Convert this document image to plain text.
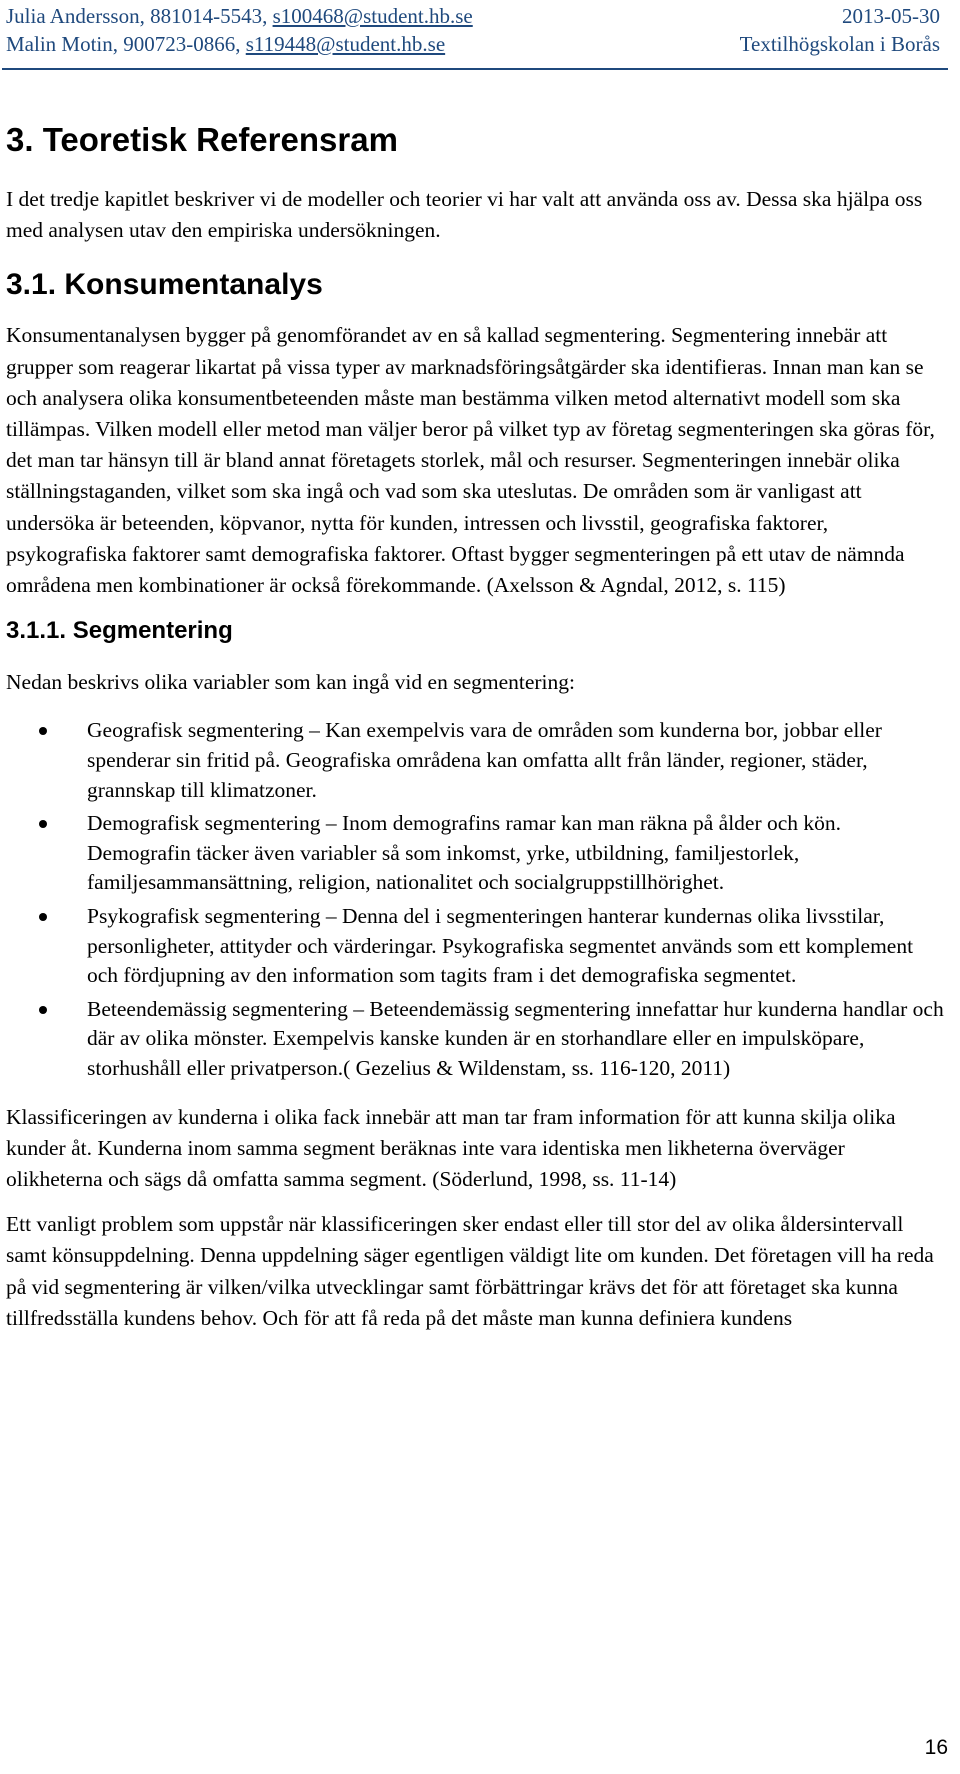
Julia Andersson, 881014-5543, s100468@student.hb.se	2013-05-30
Malin Motin, 900723-0866, s119448@student.hb.se	Textilhögskolan i Borås
3. Teoretisk Referensram

I det tredje kapitlet beskriver vi de modeller och teorier vi har valt att använda oss av. Dessa ska hjälpa oss med analysen utav den empiriska undersökningen.

3.1. Konsumentanalys

Konsumentanalysen bygger på genomförandet av en så kallad segmentering. Segmentering innebär att grupper som reagerar likartat på vissa typer av marknadsföringsåtgärder ska identifieras. Innan man kan se och analysera olika konsumentbeteenden måste man bestämma vilken metod alternativt modell som ska tillämpas. Vilken modell eller metod man väljer beror på vilket typ av företag segmenteringen ska göras för, det man tar hänsyn till är bland annat företagets storlek, mål och resurser. Segmenteringen innebär olika ställningstaganden, vilket som ska ingå och vad som ska uteslutas. De områden som är vanligast att undersöka är beteenden, köpvanor, nytta för kunden, intressen och livsstil, geografiska faktorer, psykografiska faktorer samt demografiska faktorer. Oftast bygger segmenteringen på ett utav de nämnda områdena men kombinationer är också förekommande. (Axelsson & Agndal, 2012, s. 115)

3.1.1. Segmentering

Nedan beskrivs olika variabler som kan ingå vid en segmentering:

Geografisk segmentering – Kan exempelvis vara de områden som kunderna bor, jobbar eller spenderar sin fritid på. Geografiska områdena kan omfatta allt från länder, regioner, städer, grannskap till klimatzoner.
Demografisk segmentering – Inom demografins ramar kan man räkna på ålder och kön. Demografin täcker även variabler så som inkomst, yrke, utbildning, familjestorlek, familjesammansättning, religion, nationalitet och socialgruppstillhörighet.
Psykografisk segmentering – Denna del i segmenteringen hanterar kundernas olika livsstilar, personligheter, attityder och värderingar. Psykografiska segmentet används som ett komplement och fördjupning av den information som tagits fram i det demografiska segmentet.
Beteendemässig segmentering – Beteendemässig segmentering innefattar hur kunderna handlar och där av olika mönster. Exempelvis kanske kunden är en storhandlare eller en impulsköpare, storhushåll eller privatperson.( Gezelius & Wildenstam, ss. 116-120, 2011)

Klassificeringen av kunderna i olika fack innebär att man tar fram information för att kunna skilja olika kunder åt. Kunderna inom samma segment beräknas inte vara identiska men likheterna överväger olikheterna och sägs då omfatta samma segment. (Söderlund, 1998, ss. 11-14)

Ett vanligt problem som uppstår när klassificeringen sker endast eller till stor del av olika åldersintervall samt könsuppdelning. Denna uppdelning säger egentligen väldigt lite om kunden. Det företagen vill ha reda på vid segmentering är vilken/vilka utvecklingar samt förbättringar krävs det för att företaget ska kunna tillfredsställa kundens behov. Och för att få reda på det måste man kunna definiera kundens

16
